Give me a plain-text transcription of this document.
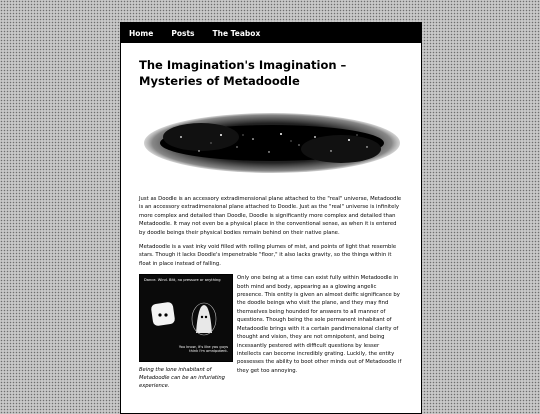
Home Posts The Teabox
The Imagination's Imagination – Mysteries of Metadoodle

Just as Doodle is an accessory extradimensional plane attached to the "real" universe, Metadoodle is an accessory extradimensional plane attached to Doodle. Just as the "real" universe is infinitely more complex and detailed than Doodle, Doodle is significantly more complex and detailed than Metadoodle. It may not even be a physical place in the conventional sense, as when it is entered by doodle beings their physical bodies remain behind on their native plane.

Metadoodle is a vast inky void filled with roiling plumes of mist, and points of light that resemble stars. Though it lacks Doodle's impenetrable "floor," it also lacks gravity, so the things within it float in place instead of falling.

Dance. Wind. Bitt, no pressure or anything
You know, it's like you guys think I'm omnipotent.
Being the lone inhabitant of Metadoodle can be an infuriating experience.
Only one being at a time can exist fully within Metadoodle in both mind and body, appearing as a glowing angelic presence. This entity is given an almost deific significance by the doodle beings who visit the plane, and they may find themselves being hounded for answers to all manner of questions. Though being the sole permanent inhabitant of Metadoodle brings with it a certain pandimensional clarity of thought and vision, they are not omnipotent, and being incessantly pestered with difficult questions by lesser intellects can become incredibly grating. Luckily, the entity possesses the ability to boot other minds out of Metadoodle if they get too annoying.
